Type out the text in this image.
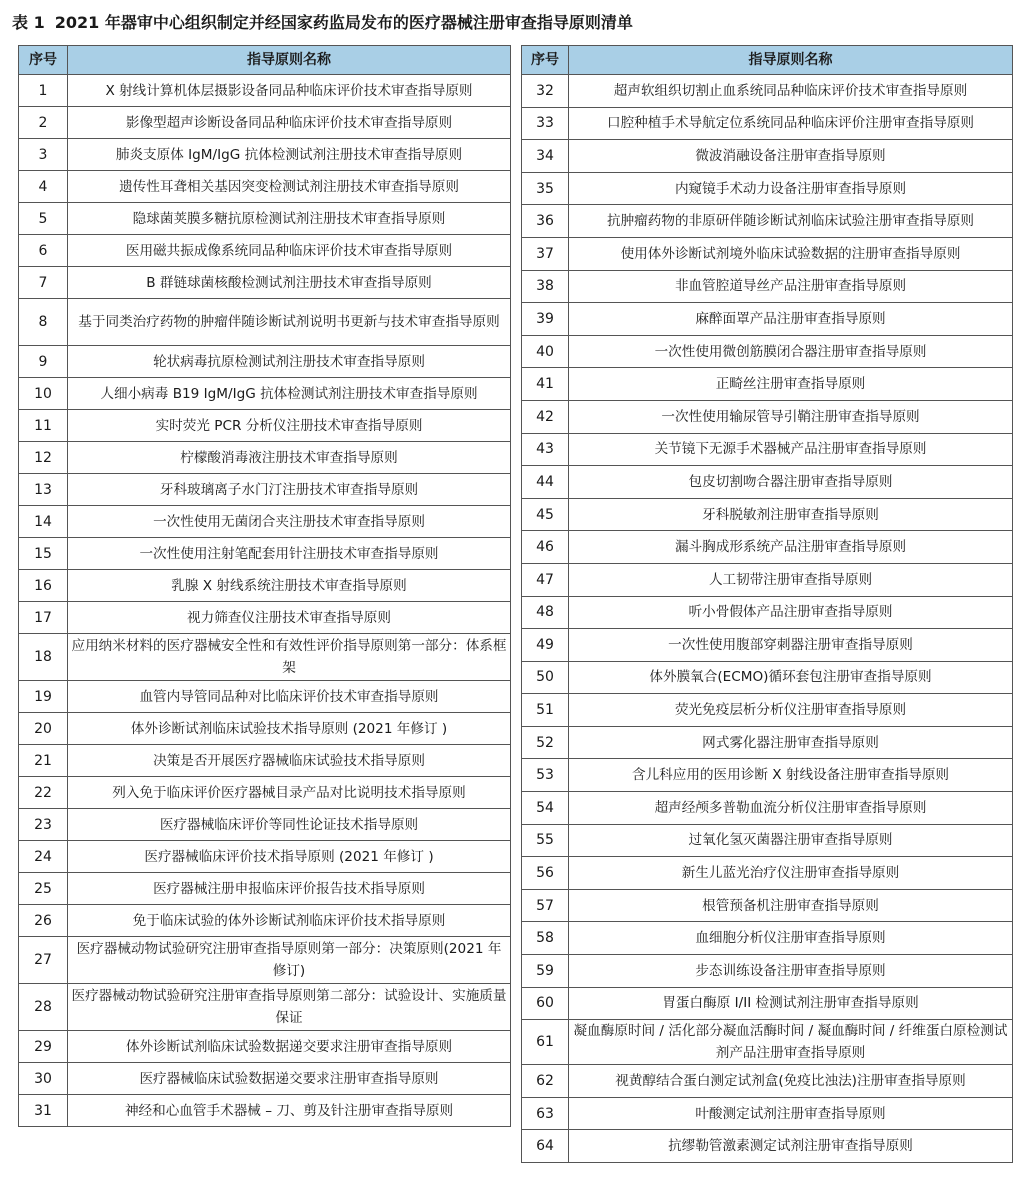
表 1 2021 年器审中心组织制定并经国家药监局发布的医疗器械注册审查指导原则清单
序号	指导原则名称
1	X 射线计算机体层摄影设备同品种临床评价技术审查指导原则
2	影像型超声诊断设备同品种临床评价技术审查指导原则
3	肺炎支原体 IgM/IgG 抗体检测试剂注册技术审查指导原则
4	遗传性耳聋相关基因突变检测试剂注册技术审查指导原则
5	隐球菌荚膜多糖抗原检测试剂注册技术审查指导原则
6	医用磁共振成像系统同品种临床评价技术审查指导原则
7	B 群链球菌核酸检测试剂注册技术审查指导原则
8	基于同类治疗药物的肿瘤伴随诊断试剂说明书更新与技术审查指导原则
9	轮状病毒抗原检测试剂注册技术审查指导原则
10	人细小病毒 B19 IgM/IgG 抗体检测试剂注册技术审查指导原则
11	实时荧光 PCR 分析仪注册技术审查指导原则
12	柠檬酸消毒液注册技术审查指导原则
13	牙科玻璃离子水门汀注册技术审查指导原则
14	一次性使用无菌闭合夹注册技术审查指导原则
15	一次性使用注射笔配套用针注册技术审查指导原则
16	乳腺 X 射线系统注册技术审查指导原则
17	视力筛查仪注册技术审查指导原则
18	应用纳米材料的医疗器械安全性和有效性评价指导原则第一部分：体系框架
19	血管内导管同品种对比临床评价技术审查指导原则
20	体外诊断试剂临床试验技术指导原则 (2021 年修订 )
21	决策是否开展医疗器械临床试验技术指导原则
22	列入免于临床评价医疗器械目录产品对比说明技术指导原则
23	医疗器械临床评价等同性论证技术指导原则
24	医疗器械临床评价技术指导原则 (2021 年修订 )
25	医疗器械注册申报临床评价报告技术指导原则
26	免于临床试验的体外诊断试剂临床评价技术指导原则
27	医疗器械动物试验研究注册审查指导原则第一部分：决策原则(2021 年修订)
28	医疗器械动物试验研究注册审查指导原则第二部分：试验设计、实施质量保证
29	体外诊断试剂临床试验数据递交要求注册审查指导原则
30	医疗器械临床试验数据递交要求注册审查指导原则
31	神经和心血管手术器械 – 刀、剪及针注册审查指导原则
序号	指导原则名称
32	超声软组织切割止血系统同品种临床评价技术审查指导原则
33	口腔种植手术导航定位系统同品种临床评价注册审查指导原则
34	微波消融设备注册审查指导原则
35	内窥镜手术动力设备注册审查指导原则
36	抗肿瘤药物的非原研伴随诊断试剂临床试验注册审查指导原则
37	使用体外诊断试剂境外临床试验数据的注册审查指导原则
38	非血管腔道导丝产品注册审查指导原则
39	麻醉面罩产品注册审查指导原则
40	一次性使用微创筋膜闭合器注册审查指导原则
41	正畸丝注册审查指导原则
42	一次性使用输尿管导引鞘注册审查指导原则
43	关节镜下无源手术器械产品注册审查指导原则
44	包皮切割吻合器注册审查指导原则
45	牙科脱敏剂注册审查指导原则
46	漏斗胸成形系统产品注册审查指导原则
47	人工韧带注册审查指导原则
48	听小骨假体产品注册审查指导原则
49	一次性使用腹部穿刺器注册审查指导原则
50	体外膜氧合(ECMO)循环套包注册审查指导原则
51	荧光免疫层析分析仪注册审查指导原则
52	网式雾化器注册审查指导原则
53	含儿科应用的医用诊断 X 射线设备注册审查指导原则
54	超声经颅多普勒血流分析仪注册审查指导原则
55	过氧化氢灭菌器注册审查指导原则
56	新生儿蓝光治疗仪注册审查指导原则
57	根管预备机注册审查指导原则
58	血细胞分析仪注册审查指导原则
59	步态训练设备注册审查指导原则
60	胃蛋白酶原 I/II 检测试剂注册审查指导原则
61	凝血酶原时间 / 活化部分凝血活酶时间 / 凝血酶时间 / 纤维蛋白原检测试剂产品注册审查指导原则
62	视黄醇结合蛋白测定试剂盒(免疫比浊法)注册审查指导原则
63	叶酸测定试剂注册审查指导原则
64	抗缪勒管激素测定试剂注册审查指导原则
